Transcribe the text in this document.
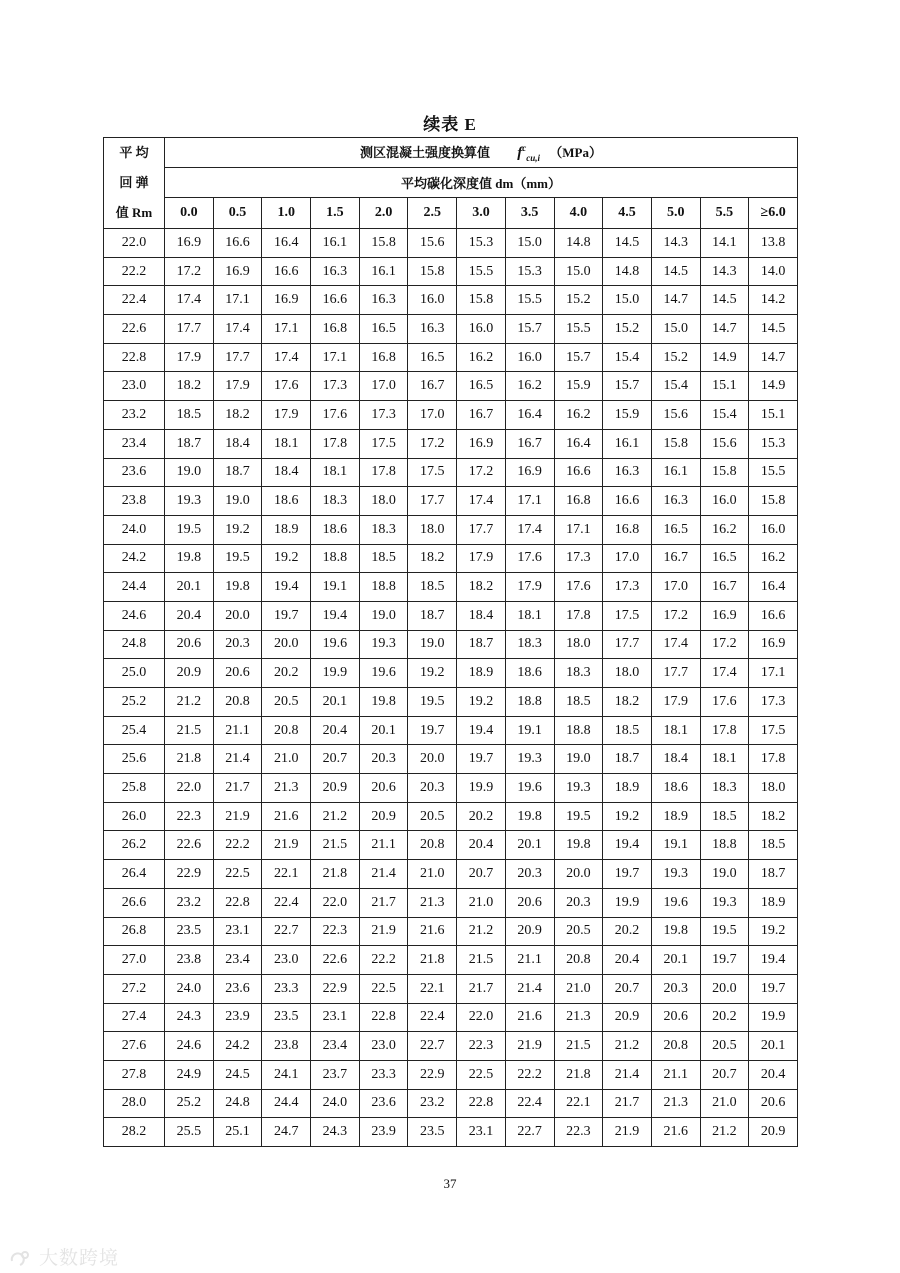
续表 E
平 均
回 弹
值 Rm	测区混凝土强度换算值 $f^c_{cu,i}$ （MPa）												
	平均碳化深度值 dm（mm）												
	0.0	0.5	1.0	1.5	2.0	2.5	3.0	3.5	4.0	4.5	5.0	5.5	≥6.0
22.0	16.9	16.6	16.4	16.1	15.8	15.6	15.3	15.0	14.8	14.5	14.3	14.1	13.8
22.2	17.2	16.9	16.6	16.3	16.1	15.8	15.5	15.3	15.0	14.8	14.5	14.3	14.0
22.4	17.4	17.1	16.9	16.6	16.3	16.0	15.8	15.5	15.2	15.0	14.7	14.5	14.2
22.6	17.7	17.4	17.1	16.8	16.5	16.3	16.0	15.7	15.5	15.2	15.0	14.7	14.5
22.8	17.9	17.7	17.4	17.1	16.8	16.5	16.2	16.0	15.7	15.4	15.2	14.9	14.7
23.0	18.2	17.9	17.6	17.3	17.0	16.7	16.5	16.2	15.9	15.7	15.4	15.1	14.9
23.2	18.5	18.2	17.9	17.6	17.3	17.0	16.7	16.4	16.2	15.9	15.6	15.4	15.1
23.4	18.7	18.4	18.1	17.8	17.5	17.2	16.9	16.7	16.4	16.1	15.8	15.6	15.3
23.6	19.0	18.7	18.4	18.1	17.8	17.5	17.2	16.9	16.6	16.3	16.1	15.8	15.5
23.8	19.3	19.0	18.6	18.3	18.0	17.7	17.4	17.1	16.8	16.6	16.3	16.0	15.8
24.0	19.5	19.2	18.9	18.6	18.3	18.0	17.7	17.4	17.1	16.8	16.5	16.2	16.0
24.2	19.8	19.5	19.2	18.8	18.5	18.2	17.9	17.6	17.3	17.0	16.7	16.5	16.2
24.4	20.1	19.8	19.4	19.1	18.8	18.5	18.2	17.9	17.6	17.3	17.0	16.7	16.4
24.6	20.4	20.0	19.7	19.4	19.0	18.7	18.4	18.1	17.8	17.5	17.2	16.9	16.6
24.8	20.6	20.3	20.0	19.6	19.3	19.0	18.7	18.3	18.0	17.7	17.4	17.2	16.9
25.0	20.9	20.6	20.2	19.9	19.6	19.2	18.9	18.6	18.3	18.0	17.7	17.4	17.1
25.2	21.2	20.8	20.5	20.1	19.8	19.5	19.2	18.8	18.5	18.2	17.9	17.6	17.3
25.4	21.5	21.1	20.8	20.4	20.1	19.7	19.4	19.1	18.8	18.5	18.1	17.8	17.5
25.6	21.8	21.4	21.0	20.7	20.3	20.0	19.7	19.3	19.0	18.7	18.4	18.1	17.8
25.8	22.0	21.7	21.3	20.9	20.6	20.3	19.9	19.6	19.3	18.9	18.6	18.3	18.0
26.0	22.3	21.9	21.6	21.2	20.9	20.5	20.2	19.8	19.5	19.2	18.9	18.5	18.2
26.2	22.6	22.2	21.9	21.5	21.1	20.8	20.4	20.1	19.8	19.4	19.1	18.8	18.5
26.4	22.9	22.5	22.1	21.8	21.4	21.0	20.7	20.3	20.0	19.7	19.3	19.0	18.7
26.6	23.2	22.8	22.4	22.0	21.7	21.3	21.0	20.6	20.3	19.9	19.6	19.3	18.9
26.8	23.5	23.1	22.7	22.3	21.9	21.6	21.2	20.9	20.5	20.2	19.8	19.5	19.2
27.0	23.8	23.4	23.0	22.6	22.2	21.8	21.5	21.1	20.8	20.4	20.1	19.7	19.4
27.2	24.0	23.6	23.3	22.9	22.5	22.1	21.7	21.4	21.0	20.7	20.3	20.0	19.7
27.4	24.3	23.9	23.5	23.1	22.8	22.4	22.0	21.6	21.3	20.9	20.6	20.2	19.9
27.6	24.6	24.2	23.8	23.4	23.0	22.7	22.3	21.9	21.5	21.2	20.8	20.5	20.1
27.8	24.9	24.5	24.1	23.7	23.3	22.9	22.5	22.2	21.8	21.4	21.1	20.7	20.4
28.0	25.2	24.8	24.4	24.0	23.6	23.2	22.8	22.4	22.1	21.7	21.3	21.0	20.6
28.2	25.5	25.1	24.7	24.3	23.9	23.5	23.1	22.7	22.3	21.9	21.6	21.2	20.9
37
大数跨境
